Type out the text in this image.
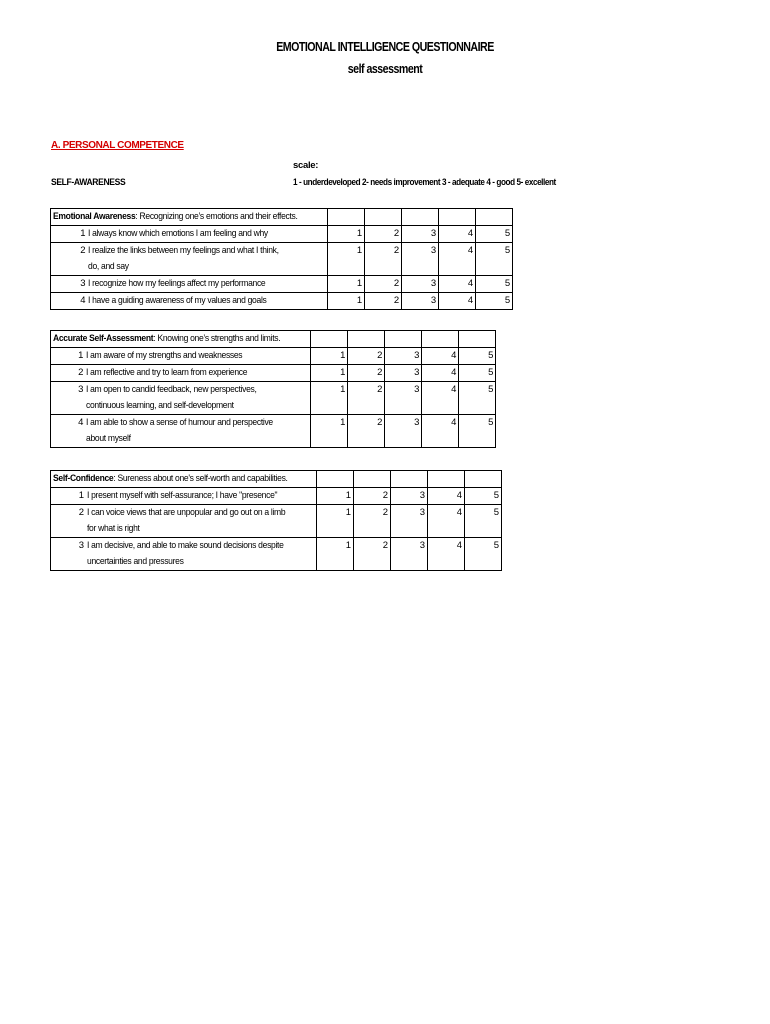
EMOTIONAL INTELLIGENCE QUESTIONNAIRE
self assessment
A. PERSONAL COMPETENCE
scale:
SELF-AWARENESS	1 - underdeveloped 2- needs improvement 3 - adequate 4 - good 5- excellent
Emotional Awareness: Recognizing one’s emotions and their effects.						
1	I always know which emotions I am feeling and why	1	2	3	4	5
2	I realize the links between my feelings and what I think, do, and say	1	2	3	4	5
3	I recognize how my feelings affect my performance	1	2	3	4	5
4	I have a guiding awareness of my values and goals	1	2	3	4	5
Accurate Self-Assessment: Knowing one’s strengths and limits.						
1	I am aware of my strengths and weaknesses	1	2	3	4	5
2	I am reflective and try to learn from experience	1	2	3	4	5
3	I am open to candid feedback, new perspectives, continuous learning, and self-development	1	2	3	4	5
4	I am able to show a sense of humour and perspective about myself	1	2	3	4	5
Self-Confidence: Sureness about one's self-worth and capabilities.						
1	I present myself with self-assurance; I have "presence"	1	2	3	4	5
2	I can voice views that are unpopular and go out on a limb for what is right	1	2	3	4	5
3	I am decisive, and able to make sound decisions despite uncertainties and pressures	1	2	3	4	5
